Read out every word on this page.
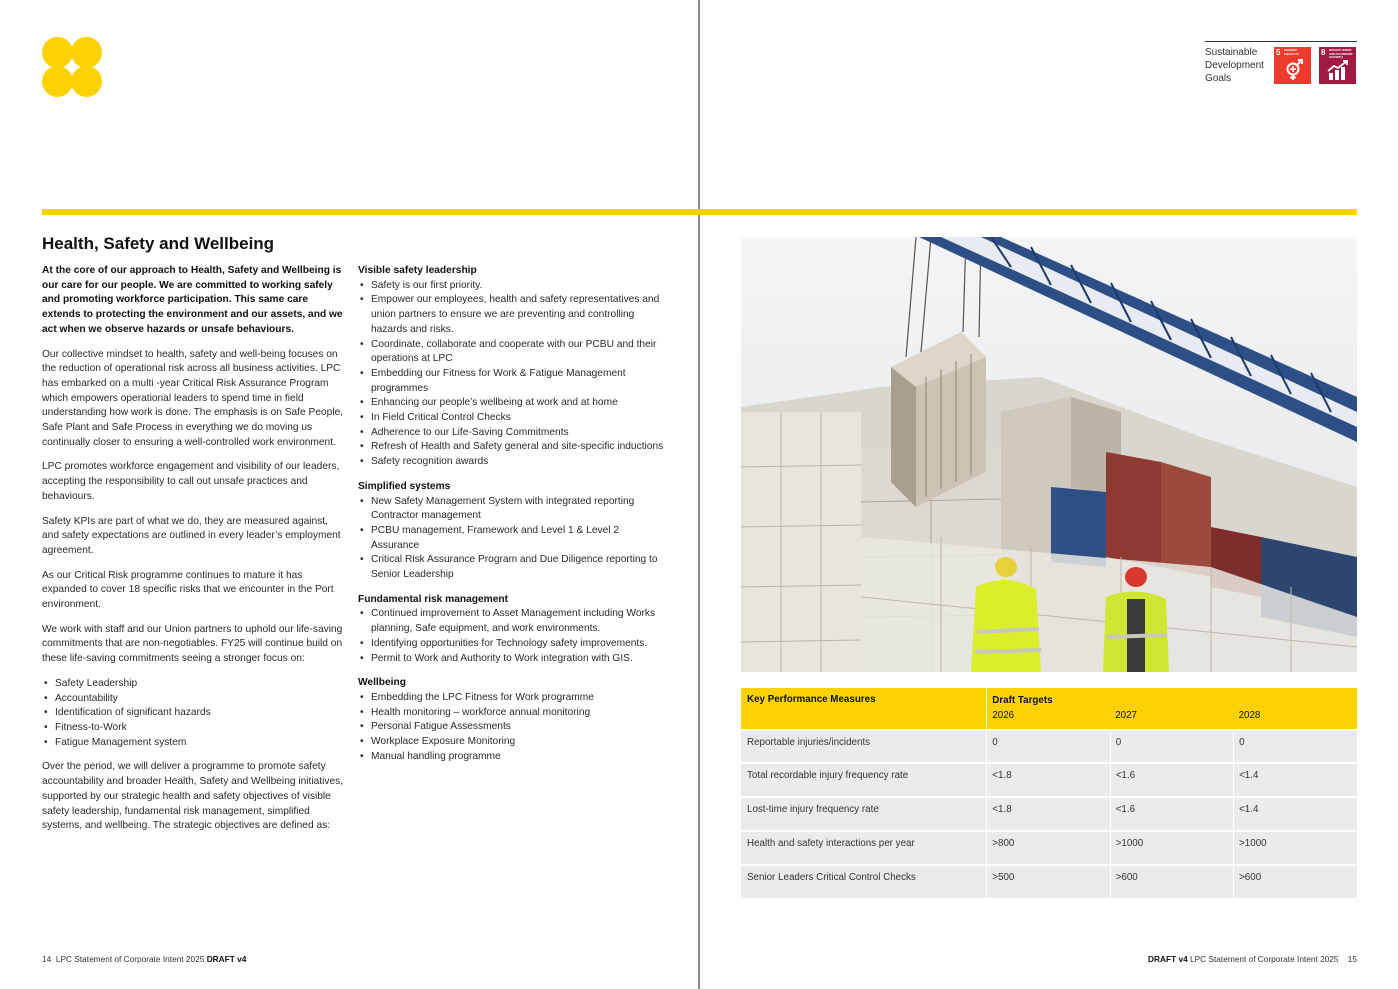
Sustainable
Development
Goals
5 GENDER EQUALITY	8 DECENT WORK AND ECONOMIC GROWTH
Health, Safety and Wellbeing

At the core of our approach to Health, Safety and Wellbeing is our care for our people. We are committed to working safely and promoting workforce participation. This same care extends to protecting the environment and our assets, and we act when we observe hazards or unsafe behaviours.

Our collective mindset to health, safety and well-being focuses on the reduction of operational risk across all business activities. LPC has embarked on a multi -year Critical Risk Assurance Program which empowers operational leaders to spend time in field understanding how work is done. The emphasis is on Safe People, Safe Plant and Safe Process in everything we do moving us continually closer to ensuring a well-controlled work environment.

LPC promotes workforce engagement and visibility of our leaders, accepting the responsibility to call out unsafe practices and behaviours.

Safety KPIs are part of what we do, they are measured against, and safety expectations are outlined in every leader’s employment agreement.

As our Critical Risk programme continues to mature it has expanded to cover 18 specific risks that we encounter in the Port environment.

We work with staff and our Union partners to uphold our life-saving commitments that are non-negotiables. FY25 will continue build on these life-saving commitments seeing a stronger focus on:

• Safety Leadership
• Accountability
• Identification of significant hazards
• Fitness-to-Work
• Fatigue Management system

Over the period, we will deliver a programme to promote safety accountability and broader Health, Safety and Wellbeing initiatives, supported by our strategic health and safety objectives of visible safety leadership, fundamental risk management, simplified systems, and wellbeing. The strategic objectives are defined as:

Visible safety leadership
• Safety is our first priority.
• Empower our employees, health and safety representatives and union partners to ensure we are preventing and controlling hazards and risks.
• Coordinate, collaborate and cooperate with our PCBU and their operations at LPC
• Embedding our Fitness for Work & Fatigue Management programmes
• Enhancing our people’s wellbeing at work and at home
• In Field Critical Control Checks
• Adherence to our Life-Saving Commitments
• Refresh of Health and Safety general and site-specific inductions
• Safety recognition awards
Simplified systems
• New Safety Management System with integrated reporting Contractor management
• PCBU management, Framework and Level 1 & Level 2 Assurance
• Critical Risk Assurance Program and Due Diligence reporting to Senior Leadership
Fundamental risk management
• Continued improvement to Asset Management including Works planning, Safe equipment, and work environments.
• Identifying opportunities for Technology safety improvements.
• Permit to Work and Authority to Work integration with GIS.
Wellbeing
• Embedding the LPC Fitness for Work programme
• Health monitoring – workforce annual monitoring
• Personal Fatigue Assessments
• Workplace Exposure Monitoring
• Manual handling programme
Key Performance Measures	Draft Targets		
	2026	2027	2028

Reportable injuries/incidents	0	0	0

Total recordable injury frequency rate	<1.8	<1.6	<1.4

Lost-time injury frequency rate	<1.8	<1.6	<1.4

Health and safety interactions per year	>800	>1000	>1000

Senior Leaders Critical Control Checks	>500	>600	>600
14 LPC Statement of Corporate Intent 2025 DRAFT v4	DRAFT v4 LPC Statement of Corporate Intent 2025 15
